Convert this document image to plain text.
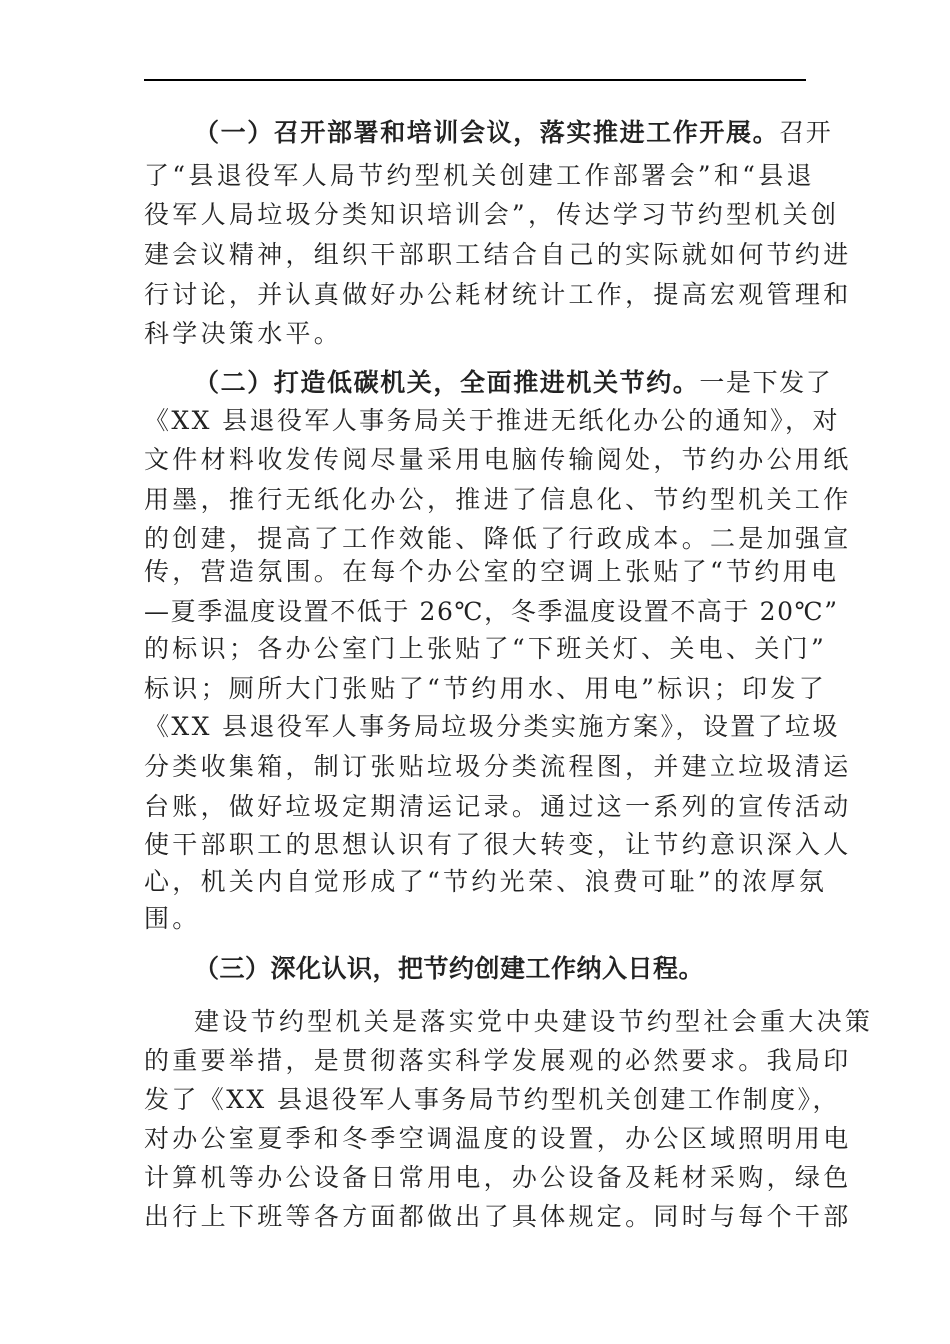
（一）召开部署和培训会议，落实推进工作开展。召开
了“县退役军人局节约型机关创建工作部署会”和“县退
役军人局垃圾分类知识培训会”，传达学习节约型机关创
建会议精神，组织干部职工结合自己的实际就如何节约进
行讨论，并认真做好办公耗材统计工作，提高宏观管理和
科学决策水平。
（二）打造低碳机关，全面推进机关节约。一是下发了
《XX 县退役军人事务局关于推进无纸化办公的通知》，对
文件材料收发传阅尽量采用电脑传输阅处，节约办公用纸
用墨，推行无纸化办公，推进了信息化、节约型机关工作
的创建，提高了工作效能、降低了行政成本。二是加强宣
传，营造氛围。在每个办公室的空调上张贴了“节约用电
—夏季温度设置不低于 26℃，冬季温度设置不高于 20℃”
的标识；各办公室门上张贴了“下班关灯、关电、关门”
标识；厕所大门张贴了“节约用水、用电”标识；印发了
《XX 县退役军人事务局垃圾分类实施方案》，设置了垃圾
分类收集箱，制订张贴垃圾分类流程图，并建立垃圾清运
台账，做好垃圾定期清运记录。通过这一系列的宣传活动
使干部职工的思想认识有了很大转变，让节约意识深入人
心，机关内自觉形成了“节约光荣、浪费可耻”的浓厚氛
围。
（三）深化认识，把节约创建工作纳入日程。
建设节约型机关是落实党中央建设节约型社会重大决策
的重要举措，是贯彻落实科学发展观的必然要求。我局印
发了《XX 县退役军人事务局节约型机关创建工作制度》，
对办公室夏季和冬季空调温度的设置，办公区域照明用电
计算机等办公设备日常用电，办公设备及耗材采购，绿色
出行上下班等各方面都做出了具体规定。同时与每个干部
